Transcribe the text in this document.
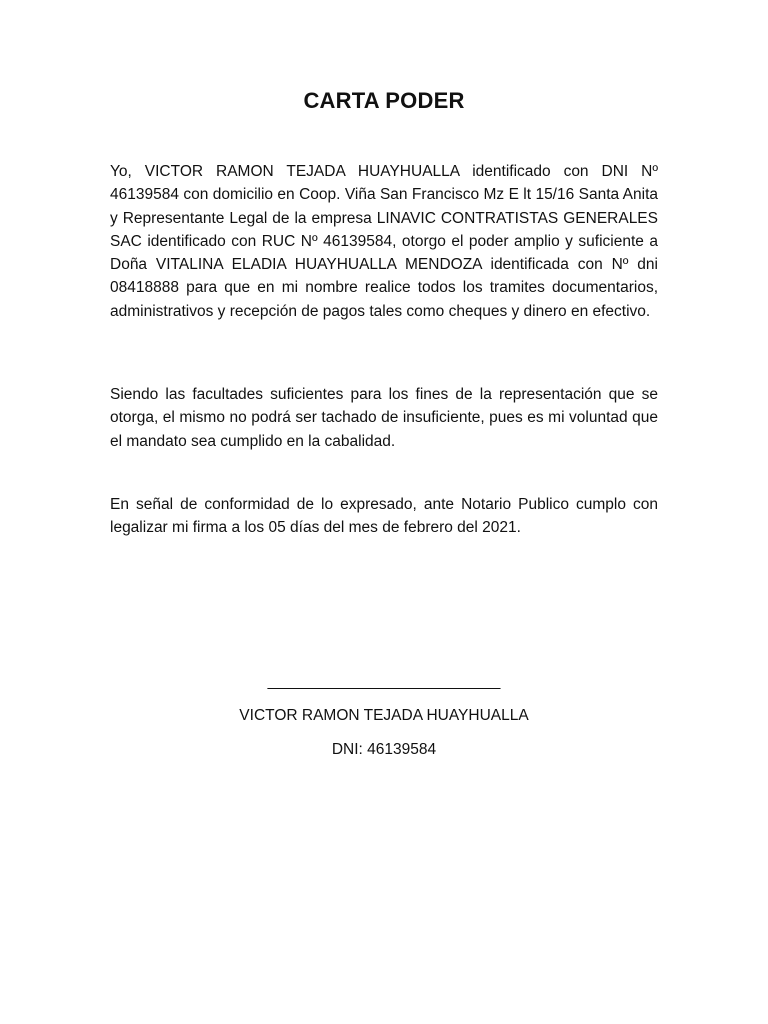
CARTA PODER

Yo, VICTOR RAMON TEJADA HUAYHUALLA identificado con DNI Nº 46139584 con domicilio en Coop. Viña San Francisco Mz E lt 15/16 Santa Anita y Representante Legal de la empresa LINAVIC CONTRATISTAS GENERALES SAC identificado con RUC Nº 46139584, otorgo el poder amplio y suficiente a Doña VITALINA ELADIA HUAYHUALLA MENDOZA identificada con Nº dni 08418888 para que en mi nombre realice todos los tramites documentarios, administrativos y recepción de pagos tales como cheques y dinero en efectivo.

Siendo las facultades suficientes para los fines de la representación que se otorga, el mismo no podrá ser tachado de insuficiente, pues es mi voluntad que el mandato sea cumplido en la cabalidad.

En señal de conformidad de lo expresado, ante Notario Publico cumplo con legalizar mi firma a los 05 días del mes de febrero del 2021.

___________________________

VICTOR RAMON TEJADA HUAYHUALLA

DNI: 46139584
